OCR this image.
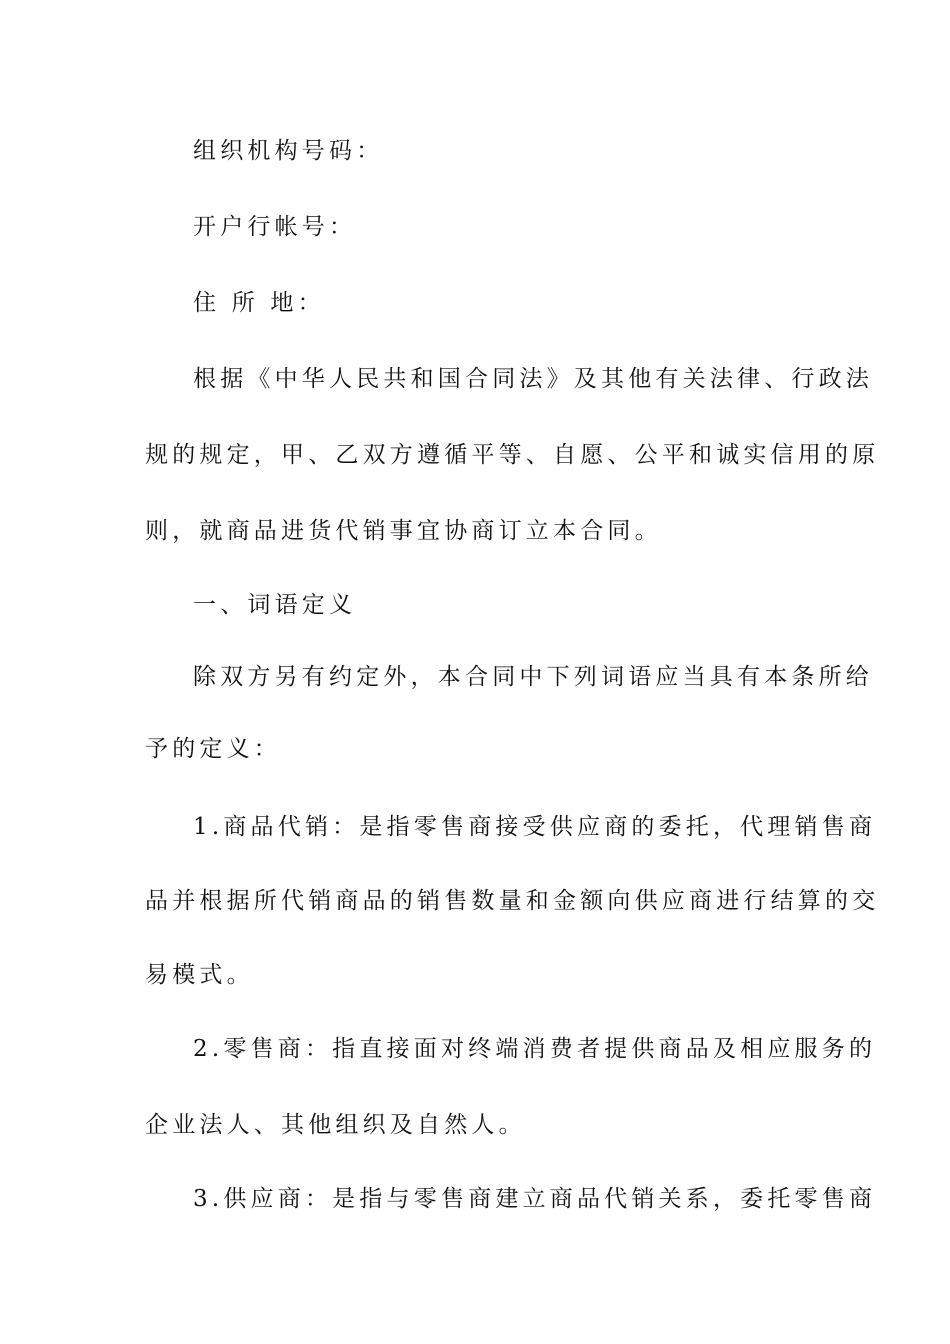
组织机构号码：
开户行帐号：
住 所 地：
根据《中华人民共和国合同法》及其他有关法律、行政法
规的规定，甲、乙双方遵循平等、自愿、公平和诚实信用的原
则，就商品进货代销事宜协商订立本合同。
一、词语定义
除双方另有约定外，本合同中下列词语应当具有本条所给
予的定义：
1.商品代销：是指零售商接受供应商的委托，代理销售商
品并根据所代销商品的销售数量和金额向供应商进行结算的交
易模式。
2.零售商：指直接面对终端消费者提供商品及相应服务的
企业法人、其他组织及自然人。
3.供应商：是指与零售商建立商品代销关系，委托零售商
